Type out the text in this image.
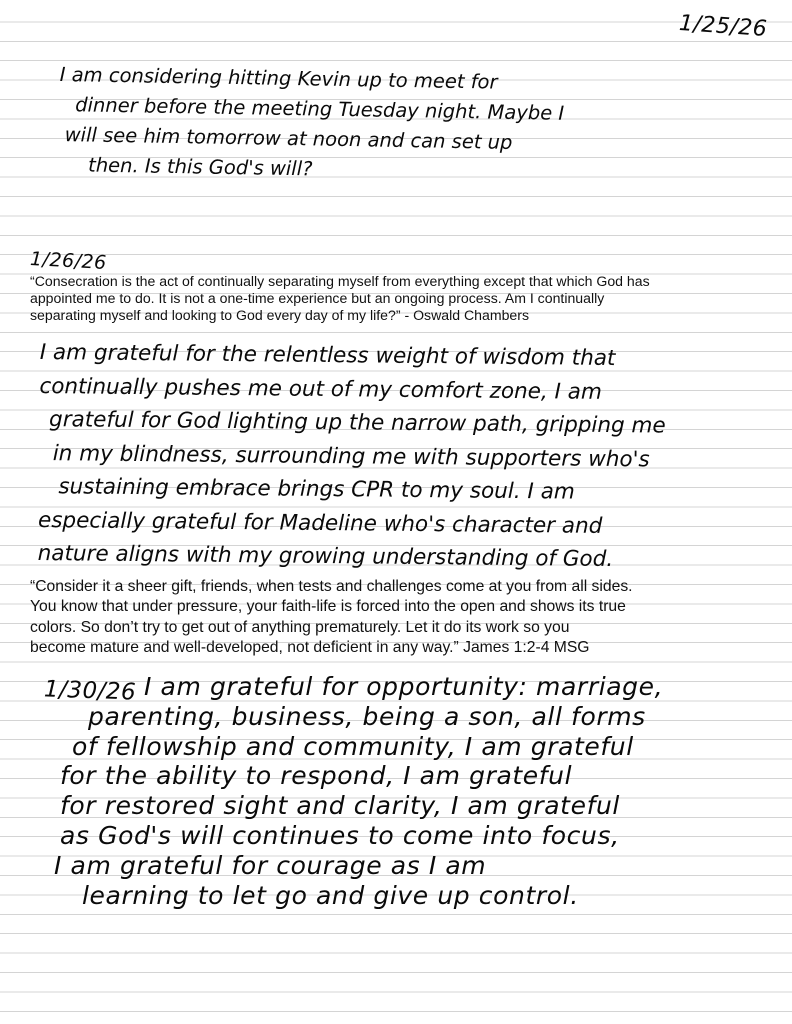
1/25/26
I am considering hitting Kevin up to meet for
dinner before the meeting Tuesday night. Maybe I
will see him tomorrow at noon and can set up
then. Is this God's will?
1/26/26
“Consecration is the act of continually separating myself from everything except that which God has
appointed me to do. It is not a one-time experience but an ongoing process. Am I continually
separating myself and looking to God every day of my life?” - Oswald Chambers
I am grateful for the relentless weight of wisdom that
continually pushes me out of my comfort zone, I am
grateful for God lighting up the narrow path, gripping me
in my blindness, surrounding me with supporters who's
sustaining embrace brings CPR to my soul. I am
especially grateful for Madeline who's character and
nature aligns with my growing understanding of God.
“Consider it a sheer gift, friends, when tests and challenges come at you from all sides.
You know that under pressure, your faith-life is forced into the open and shows its true
colors. So don’t try to get out of anything prematurely. Let it do its work so you
become mature and well-developed, not deficient in any way.” James 1:2-4 MSG
1/30/26 I am grateful for opportunity: marriage,
parenting, business, being a son, all forms
of fellowship and community, I am grateful
for the ability to respond, I am grateful
for restored sight and clarity, I am grateful
as God's will continues to come into focus,
I am grateful for courage as I am
learning to let go and give up control.
